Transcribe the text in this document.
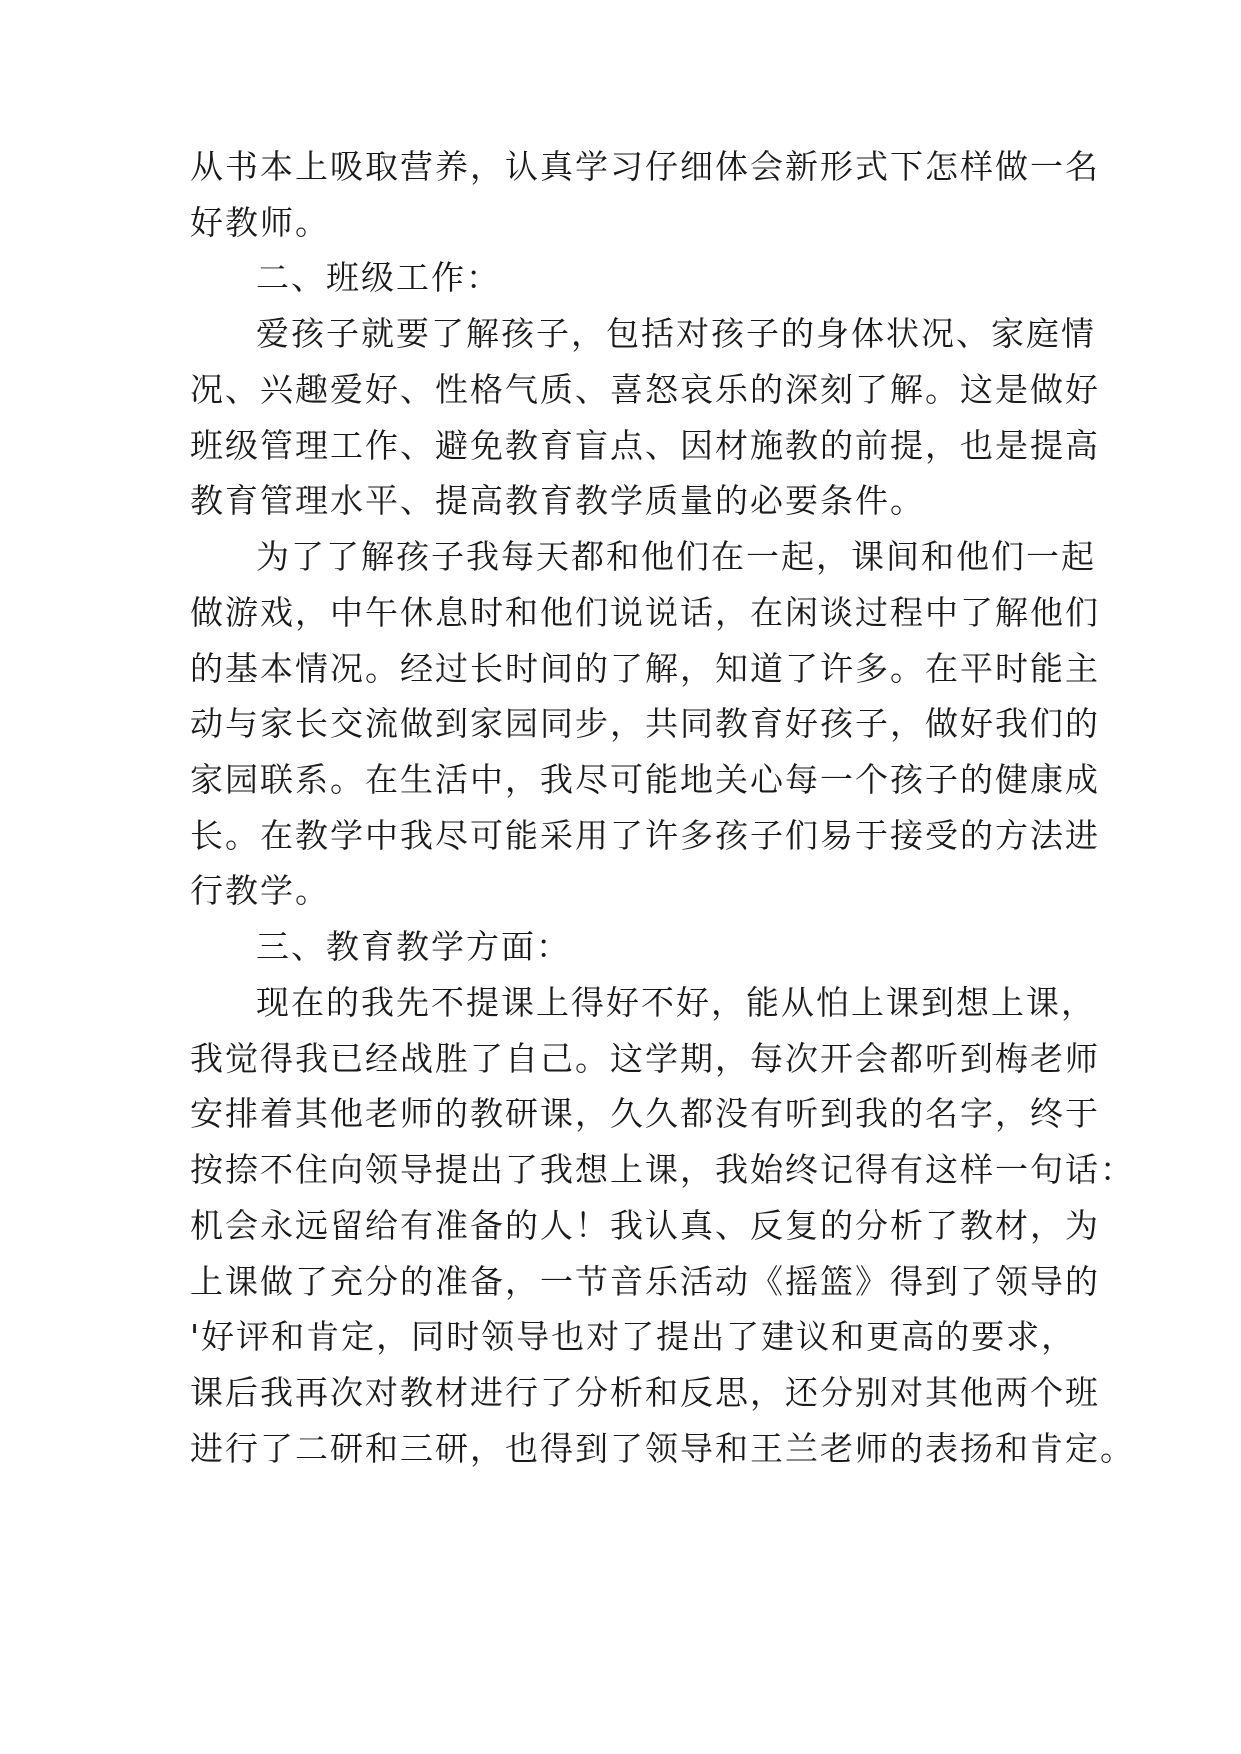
从书本上吸取营养，认真学习仔细体会新形式下怎样做一名
好教师。
二、班级工作：
爱孩子就要了解孩子，包括对孩子的身体状况、家庭情
况、兴趣爱好、性格气质、喜怒哀乐的深刻了解。这是做好
班级管理工作、避免教育盲点、因材施教的前提，也是提高
教育管理水平、提高教育教学质量的必要条件。
为了了解孩子我每天都和他们在一起，课间和他们一起
做游戏，中午休息时和他们说说话，在闲谈过程中了解他们
的基本情况。经过长时间的了解，知道了许多。在平时能主
动与家长交流做到家园同步，共同教育好孩子，做好我们的
家园联系。在生活中，我尽可能地关心每一个孩子的健康成
长。在教学中我尽可能采用了许多孩子们易于接受的方法进
行教学。
三、教育教学方面：
现在的我先不提课上得好不好，能从怕上课到想上课，
我觉得我已经战胜了自己。这学期，每次开会都听到梅老师
安排着其他老师的教研课，久久都没有听到我的名字，终于
按捺不住向领导提出了我想上课，我始终记得有这样一句话：
机会永远留给有准备的人！我认真、反复的分析了教材，为
上课做了充分的准备，一节音乐活动《摇篮》得到了领导的
'好评和肯定，同时领导也对了提出了建议和更高的要求，
课后我再次对教材进行了分析和反思，还分别对其他两个班
进行了二研和三研，也得到了领导和王兰老师的表扬和肯定。
